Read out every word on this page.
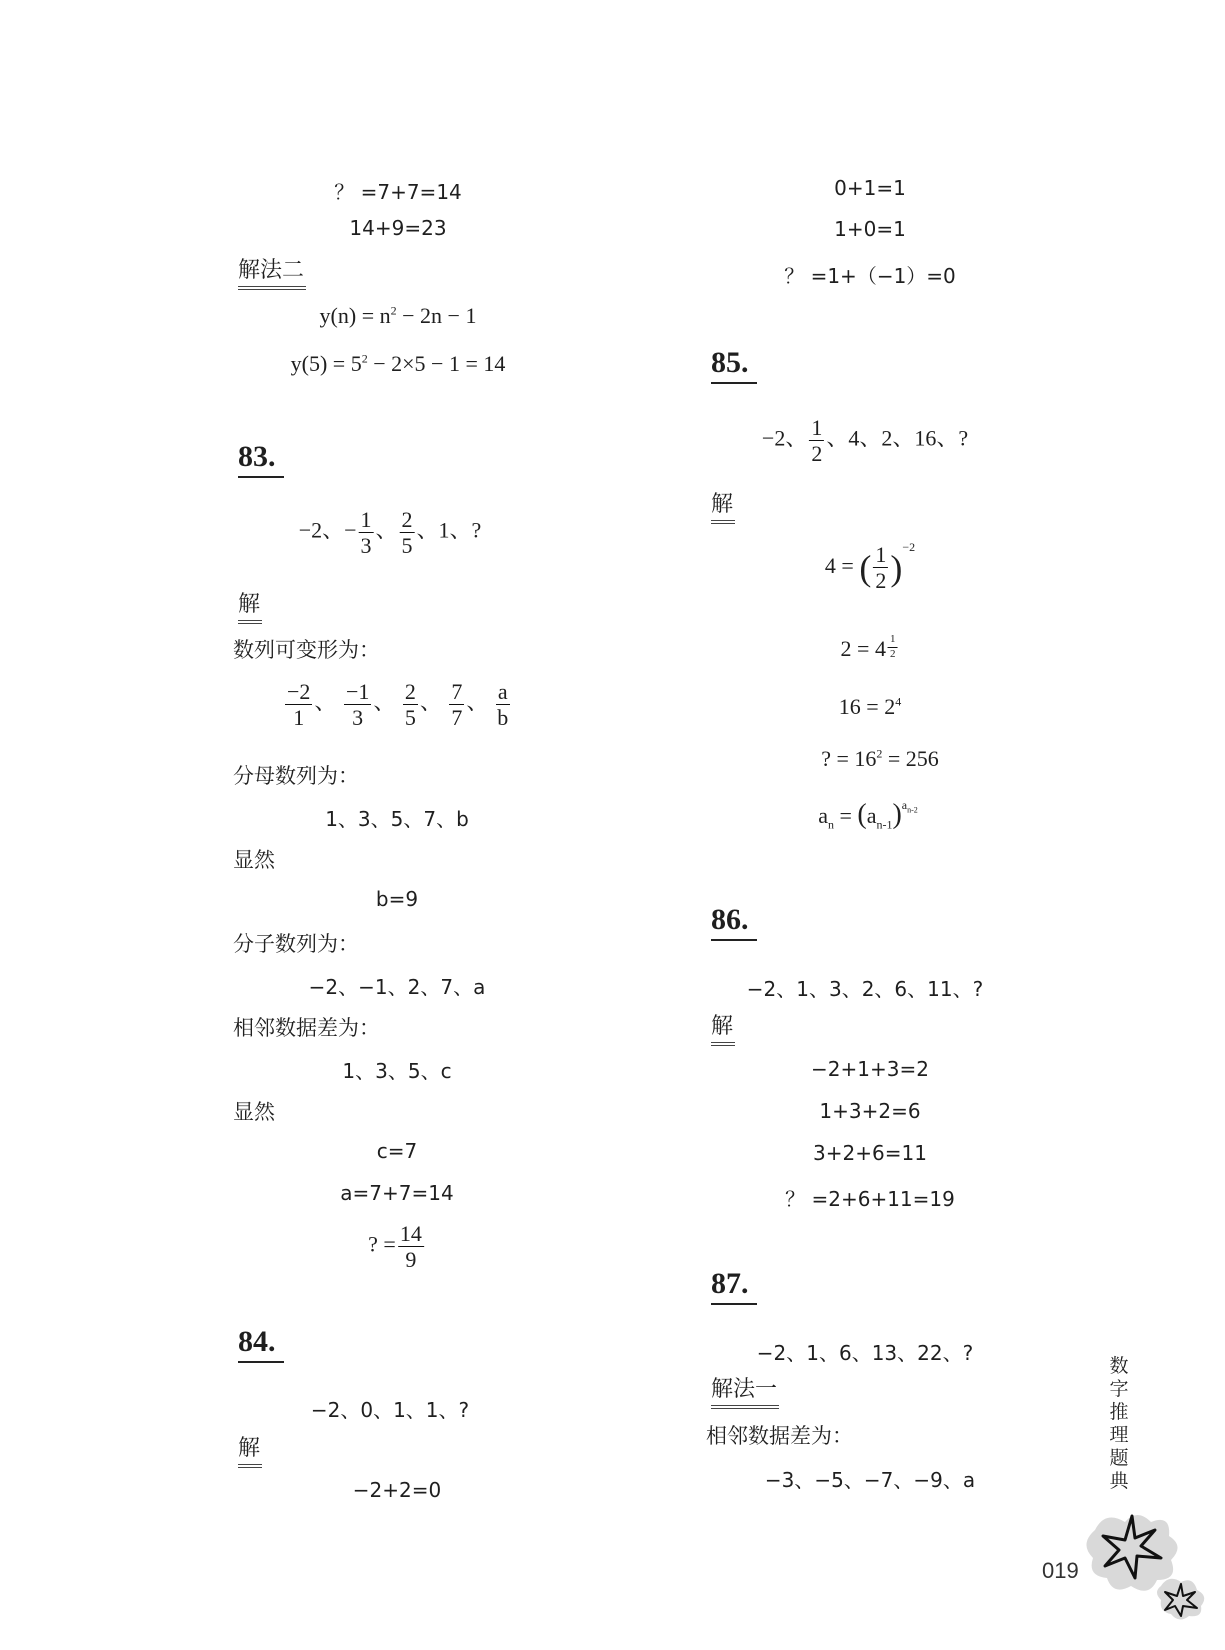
？ =7+7=14
14+9=23
解法二
$y(n) = n^2 - 2n - 1$
$y(5) = 5^2 - 2\times 5 - 1 = 14$
83.
−2、− $\frac{1}{3}$ 、 $\frac{2}{5}$ 、1、?
解
数列可变形为：
$\frac{-2}{1}$ 、 $\frac{-1}{3}$ 、 $\frac{2}{5}$ 、 $\frac{7}{7}$ 、 $\frac{a}{b}$
分母数列为：
1、3、5、7、b
显然
b=9
分子数列为：
−2、−1、2、7、a
相邻数据差为：
1、3、5、c
显然
c=7
a=7+7=14
? = $\frac{14}{9}$
84.
−2、0、1、1、?
解
−2+2=0
0+1=1
1+0=1
？ =1+（−1）=0
85.
−2、 $\frac{1}{2}$ 、4、2、16、?
解
4 = ( $\frac{1}{2} )^{-2}$
$2 = 4 \frac{1}{2}$
$16 = 2^4$
? = $16^2 = 256$
$a_n = (a_{n-1})^{a_{n-2}}$
86.
−2、1、3、2、6、11、?
解
−2+1+3=2
1+3+2=6
3+2+6=11
？ =2+6+11=19
87.
−2、1、6、13、22、?
解法一
相邻数据差为：
−3、−5、−7、−9、a
数
字
推
理
题
典
019
